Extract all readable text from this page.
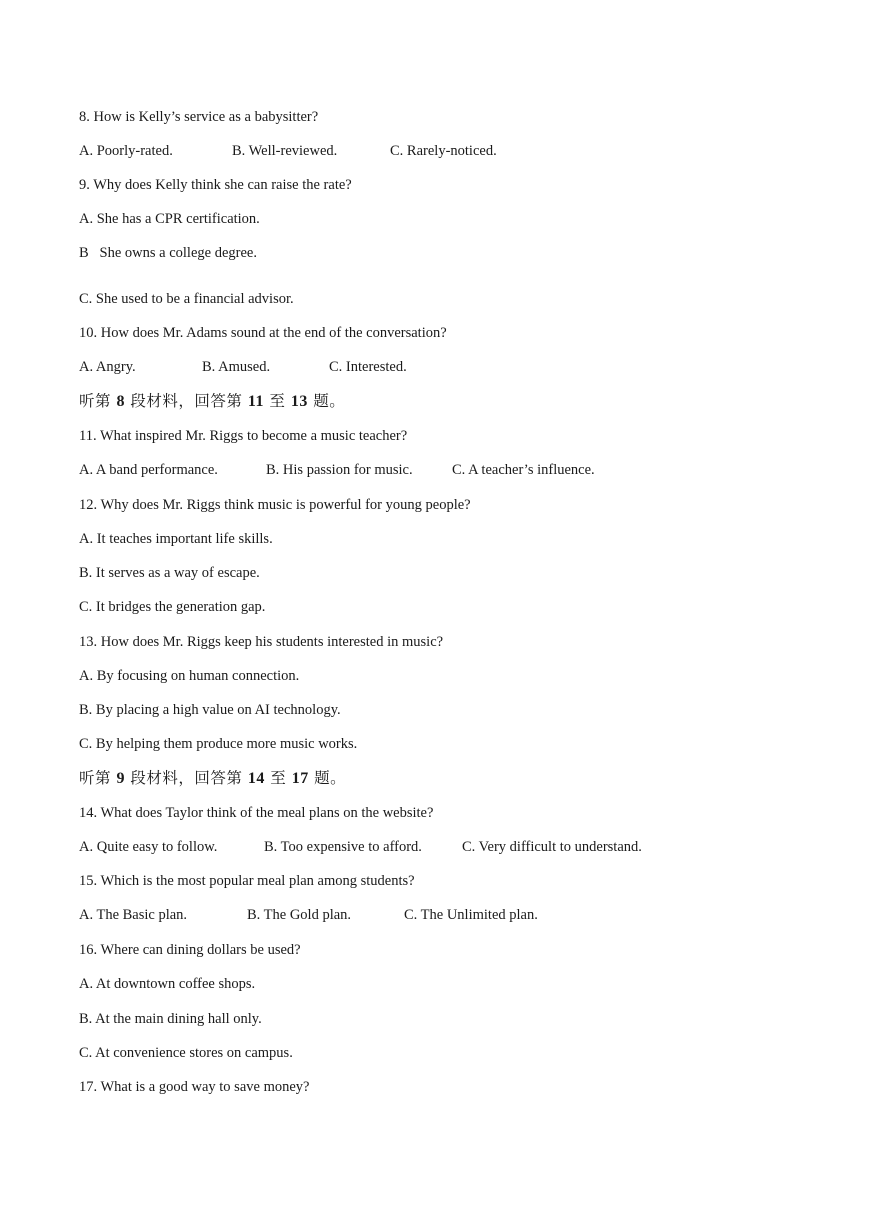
8. How is Kelly’s service as a babysitter?
A. Poorly-rated.	B. Well-reviewed.	C. Rarely-noticed.
9. Why does Kelly think she can raise the rate?
A. She has a CPR certification.
B   She owns a college degree.
C. She used to be a financial advisor.
10. How does Mr. Adams sound at the end of the conversation?
A. Angry.	B. Amused.	C. Interested.
听第 8 段材料，回答第 11 至 13 题。
11. What inspired Mr. Riggs to become a music teacher?
A. A band performance.	B. His passion for music.	C. A teacher’s influence.
12. Why does Mr. Riggs think music is powerful for young people?
A. It teaches important life skills.
B. It serves as a way of escape.
C. It bridges the generation gap.
13. How does Mr. Riggs keep his students interested in music?
A. By focusing on human connection.
B. By placing a high value on AI technology.
C. By helping them produce more music works.
听第 9 段材料，回答第 14 至 17 题。
14. What does Taylor think of the meal plans on the website?
A. Quite easy to follow.	B. Too expensive to afford.	C. Very difficult to understand.
15. Which is the most popular meal plan among students?
A. The Basic plan.	B. The Gold plan.	C. The Unlimited plan.
16. Where can dining dollars be used?
A. At downtown coffee shops.
B. At the main dining hall only.
C. At convenience stores on campus.
17. What is a good way to save money?
